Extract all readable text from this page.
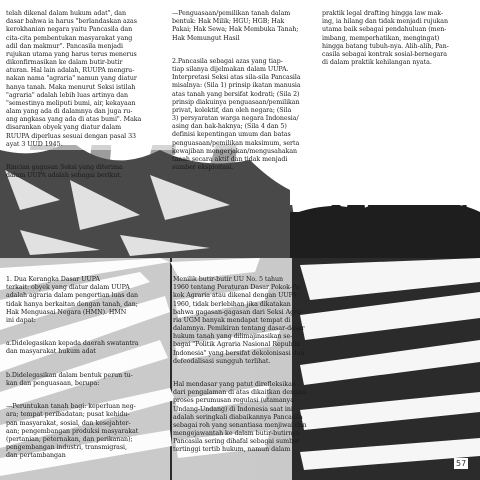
telah dikenal dalam hukum adat", dan
dasar bahwa ia harus "berlandaskan azas
kerokhanian negara yaitu Pancasila dan
cita-cita pembentukan masyarakat yang
adil dan makmur". Pancasila menjadi
rujukan utama yang harus terus menerus
dikonfirmasikan ke dalam butir-butir
aturan. Hal lain adalah, RUUPA mengru-
nakan nama "agraria" namun yang diatur
hanya tanah. Maka menurut Seksi istilah
"agraria" adalah lebih luas artinya dan
"semestinya meliputi bumi, air, kekayaan
alam yang ada di dalamnya dan juga ru-
ang angkasa yang ada di atas bumi". Maka
disarankan obyek yang diatur dalam
RUUPA diperluas sesuai dengan pasal 33
ayat 3 UUD 1945.

Rincian gagasan Seksi yang diterima
dalam UUPA adalah sebagai berikut.

—Penguasaan/pemilikan tanah dalam
bentuk: Hak Milik; HGU; HGB; Hak
Pakai; Hak Sewa; Hak Membuka Tanah;
Hak Memungut Hasil

2.Pancasila sebagai azas yang tiap-
tiap silanya dijelmakan dalam UUPA.
Interpretasi Seksi atas sila-sila Pancasila
misalnya: (Sila 1) prinsip ikatan manusia
atas tanah yang bersifat kodrati; (Sila 2)
prinsip diakuinya penguasaan/pemilikan
privat, kolektif, dan oleh negara; (Sila
3) persyaratan warga negara Indonesia/
asing dan hak-haknya; (Sila 4 dan 5)
definisi kepentingan umum dan batas
penguasaan/pemilikan maksimum, serta
kewajiban mengerjakan/mengusahakan
tanah secara aktif dan tidak menjadi
sumber eksploitasi.

praktik legal drafting hingga law mak-
ing, ia hilang dan tidak menjadi rujukan
utama baik sebagai pendahuluan (men-
imbang, memperhatikan, mengingat)
hingga batang tubuh-nya. Alih-alih, Pan-
casila sebagai kontrak sosial-bernegara
di dalam praktik kehilangan nyata.

1. Dua Kerangka Dasar UUPA
terkait: obyek yang diatur dalam UUPA
adalah agraria dalam pengertian luas dan
tidak hanya berkaitan dengan tanah, dan;
Hak Menguasai Negara (HMN). HMN
ini dapat:

a.Didelegasikan kepada daerah swatantra
dan masyarakat hukum adat

b.Didelegasikan dalam bentuk perun tu-
kan dan penguasaan, berupa:

—Peruntukan tanah bagi: keperluan neg-
ara; tempat peribadatan; pusat kehidu-
pan masyarakat, sosial, dan kesejahter-
aan; pengembangan produksi masyarakat
(pertanian, peternakan, dan perikanan);
pengembangan industri, transmigrasi,
dan pertambangan

Menilik butir-butir UU No. 5 tahun
1960 tentang Peraturan Dasar Pokok-Po-
kok Agraria atau dikenal dengan UUPA
1960, tidak berlebihan jika dikatakan
bahwa gagasan-gagasan dari Seksi Agra-
ria UGM banyak mendapat tempat di
dalamnya. Pemikiran tentang dasar-dasar
hukum tanah yang dilimajinasikan se-
bagai "Politik Agraria Nasional Republik
Indonesia" yang bersifat dekolonisasi dan
defeodalisasi sungguh terlihat.

Hal mendasar yang patut direfleksikan
dari pengalaman di atas dikaitkan dengan
proses perumusan regulasi (utamanya
Undang-Undang) di Indonesia saat ini
adalah seringkali diabaikannya Pancasila
sebagai roh yang senantiasa menjiwai dan
mengejawantah ke dalam butir-butirnya.
Pancasila sering dihafal sebagai sumber
tertinggi tertib hukum, namun dalam

57
